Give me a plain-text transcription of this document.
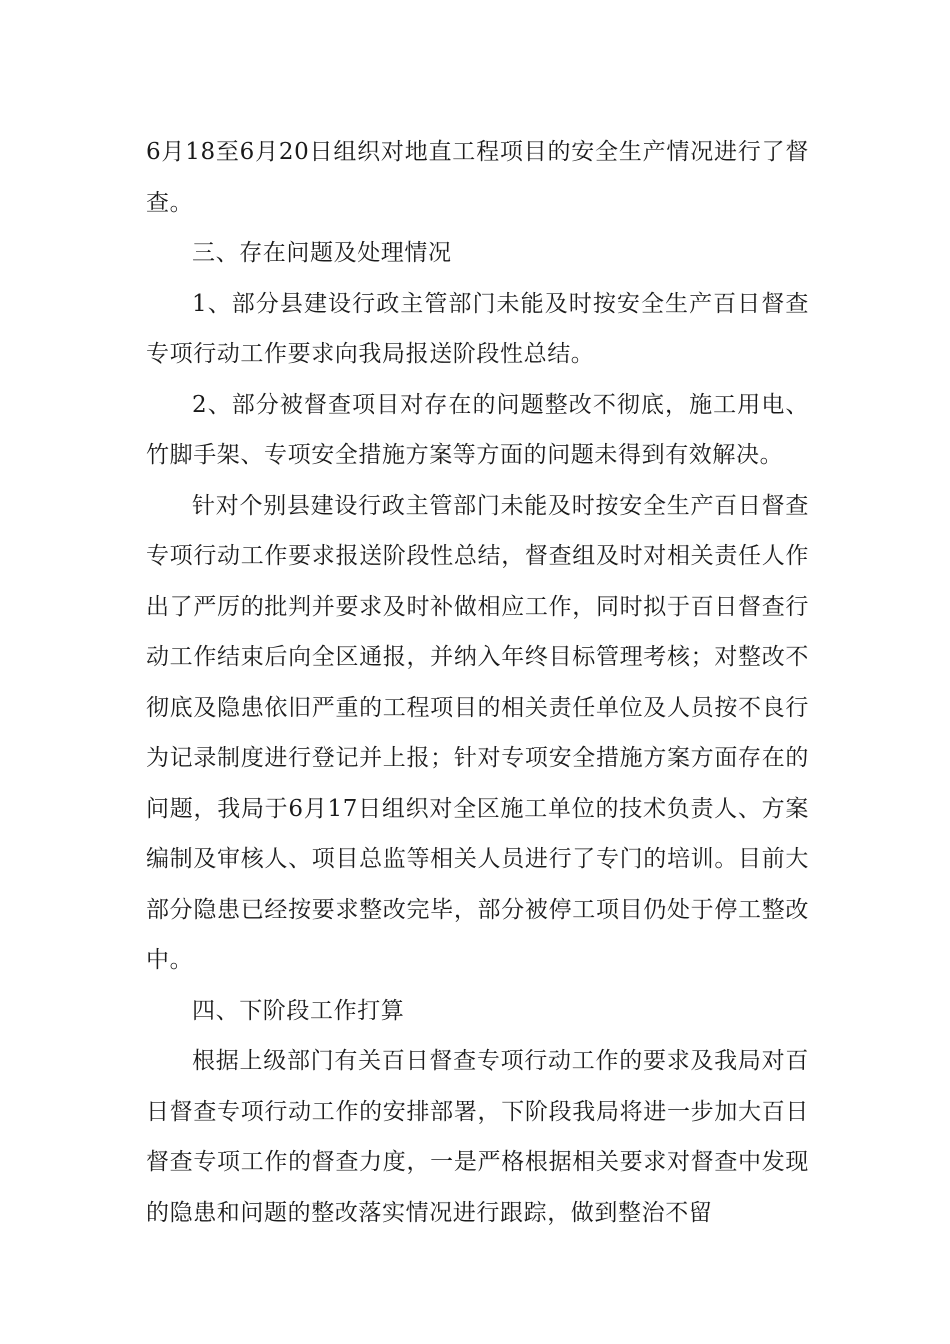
6月18至6月20日组织对地直工程项目的安全生产情况进行了督查。

三、存在问题及处理情况

1、部分县建设行政主管部门未能及时按安全生产百日督查专项行动工作要求向我局报送阶段性总结。

2、部分被督查项目对存在的问题整改不彻底，施工用电、竹脚手架、专项安全措施方案等方面的问题未得到有效解决。

针对个别县建设行政主管部门未能及时按安全生产百日督查专项行动工作要求报送阶段性总结，督查组及时对相关责任人作出了严厉的批判并要求及时补做相应工作，同时拟于百日督查行动工作结束后向全区通报，并纳入年终目标管理考核；对整改不彻底及隐患依旧严重的工程项目的相关责任单位及人员按不良行为记录制度进行登记并上报；针对专项安全措施方案方面存在的问题，我局于6月17日组织对全区施工单位的技术负责人、方案编制及审核人、项目总监等相关人员进行了专门的培训。目前大部分隐患已经按要求整改完毕，部分被停工项目仍处于停工整改中。

四、下阶段工作打算

根据上级部门有关百日督查专项行动工作的要求及我局对百日督查专项行动工作的安排部署，下阶段我局将进一步加大百日督查专项工作的督查力度，一是严格根据相关要求对督查中发现的隐患和问题的整改落实情况进行跟踪，做到整治不留
